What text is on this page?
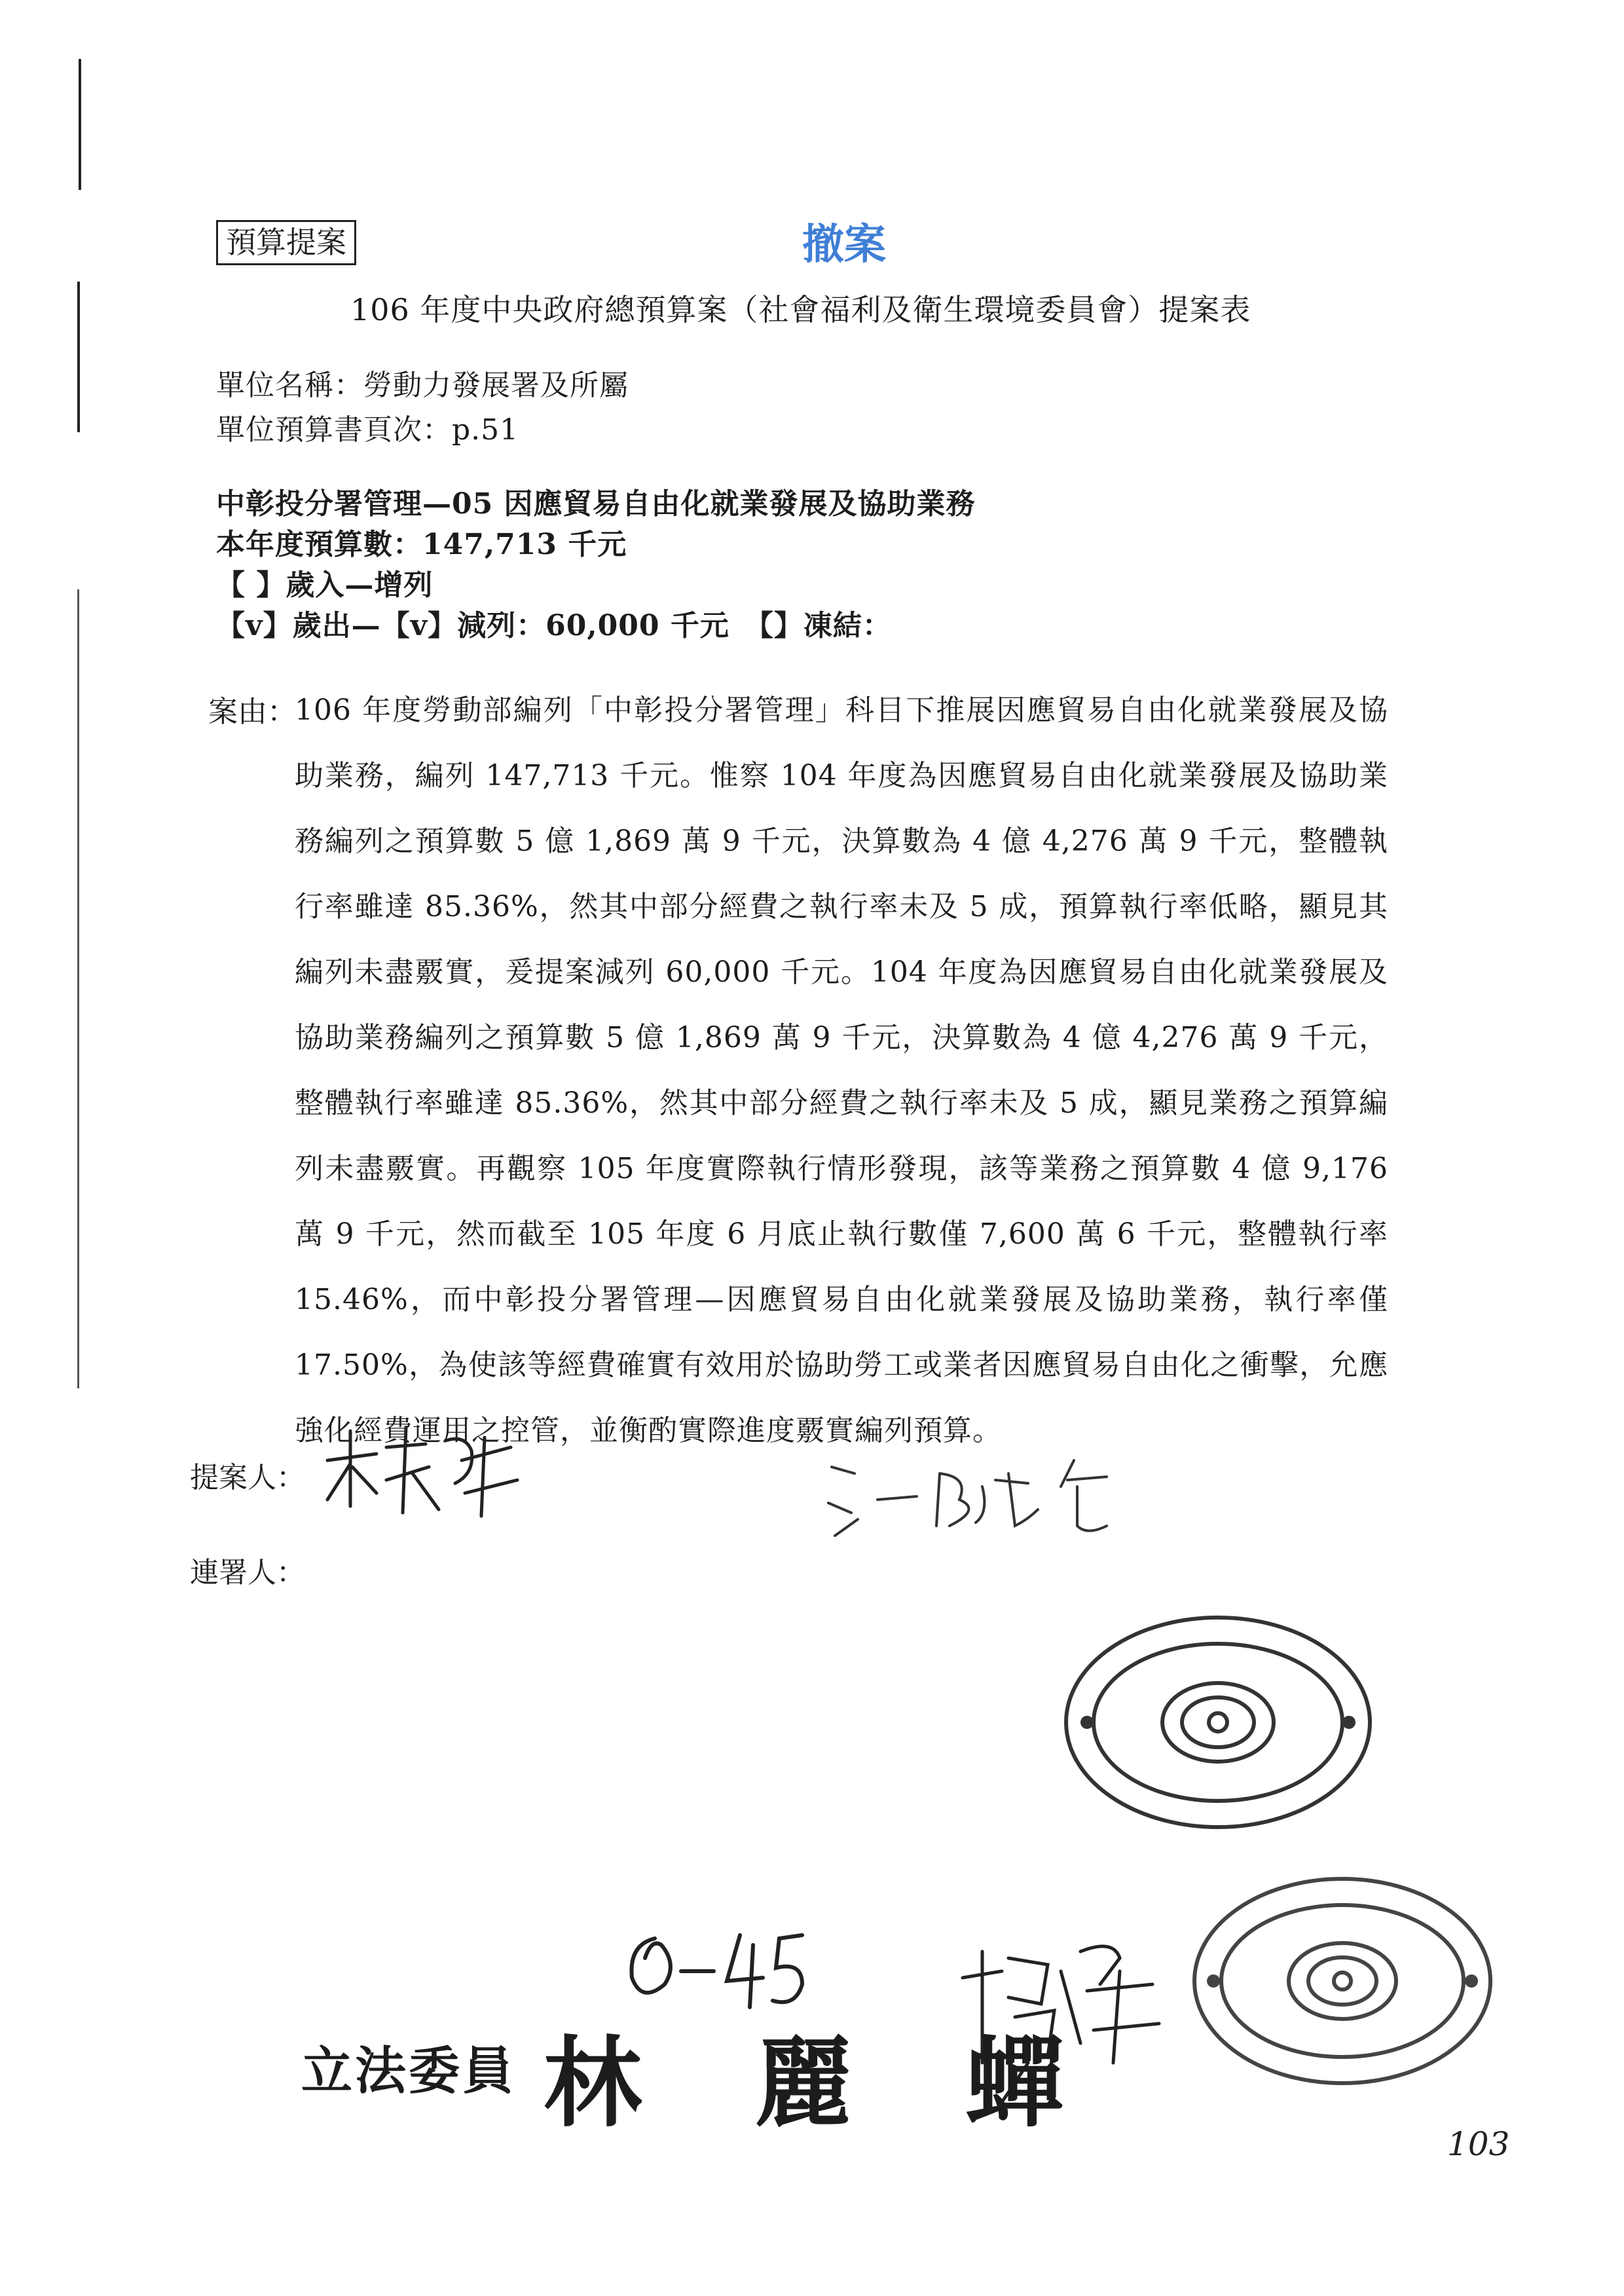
預算提案	撤案
106 年度中央政府總預算案（社會福利及衛生環境委員會）提案表
單位名稱：勞動力發展署及所屬
單位預算書頁次：p.51
中彰投分署管理—05 因應貿易自由化就業發展及協助業務
本年度預算數：147,713 千元
【 】歲入—增列
【v】歲出—【v】減列：60,000 千元　【】凍結：
案由：
106 年度勞動部編列「中彰投分署管理」科目下推展因應貿易自由化就業發展及協助業務，編列 147,713 千元。惟察 104 年度為因應貿易自由化就業發展及協助業務編列之預算數 5 億 1,869 萬 9 千元，決算數為 4 億 4,276 萬 9 千元，整體執行率雖達 85.36%，然其中部分經費之執行率未及 5 成，預算執行率低略，顯見其編列未盡覈實，爰提案減列 60,000 千元。104 年度為因應貿易自由化就業發展及協助業務編列之預算數 5 億 1,869 萬 9 千元，決算數為 4 億 4,276 萬 9 千元，整體執行率雖達 85.36%，然其中部分經費之執行率未及 5 成，顯見業務之預算編列未盡覈實。再觀察 105 年度實際執行情形發現，該等業務之預算數 4 億 9,176 萬 9 千元，然而截至 105 年度 6 月底止執行數僅 7,600 萬 6 千元，整體執行率 15.46%，而中彰投分署管理—因應貿易自由化就業發展及協助業務，執行率僅 17.50%，為使該等經費確實有效用於協助勞工或業者因應貿易自由化之衝擊，允應強化經費運用之控管，並衡酌實際進度覈實編列預算。
提案人：
連署人：
立法委員 林 麗 蟬
103
